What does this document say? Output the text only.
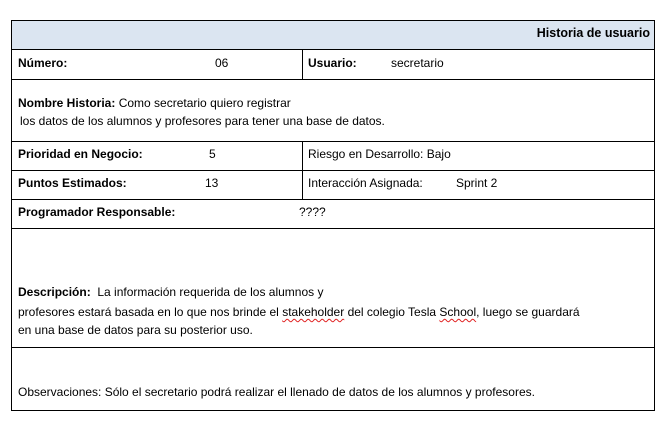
Historia de usuario
Número:	06	Usuario:	secretario
Nombre Historia: Como secretario quiero registrar
los datos de los alumnos y profesores para tener una base de datos.
Prioridad en Negocio:	5	Riesgo en Desarrollo: Bajo
Puntos Estimados:	13	Interacción Asignada:	Sprint 2
Programador Responsable:	????
Descripción: La información requerida de los alumnos y
profesores estará basada en lo que nos brinde el stakeholder del colegio Tesla School, luego se guardará
en una base de datos para su posterior uso.
Observaciones: Sólo el secretario podrá realizar el llenado de datos de los alumnos y profesores.
